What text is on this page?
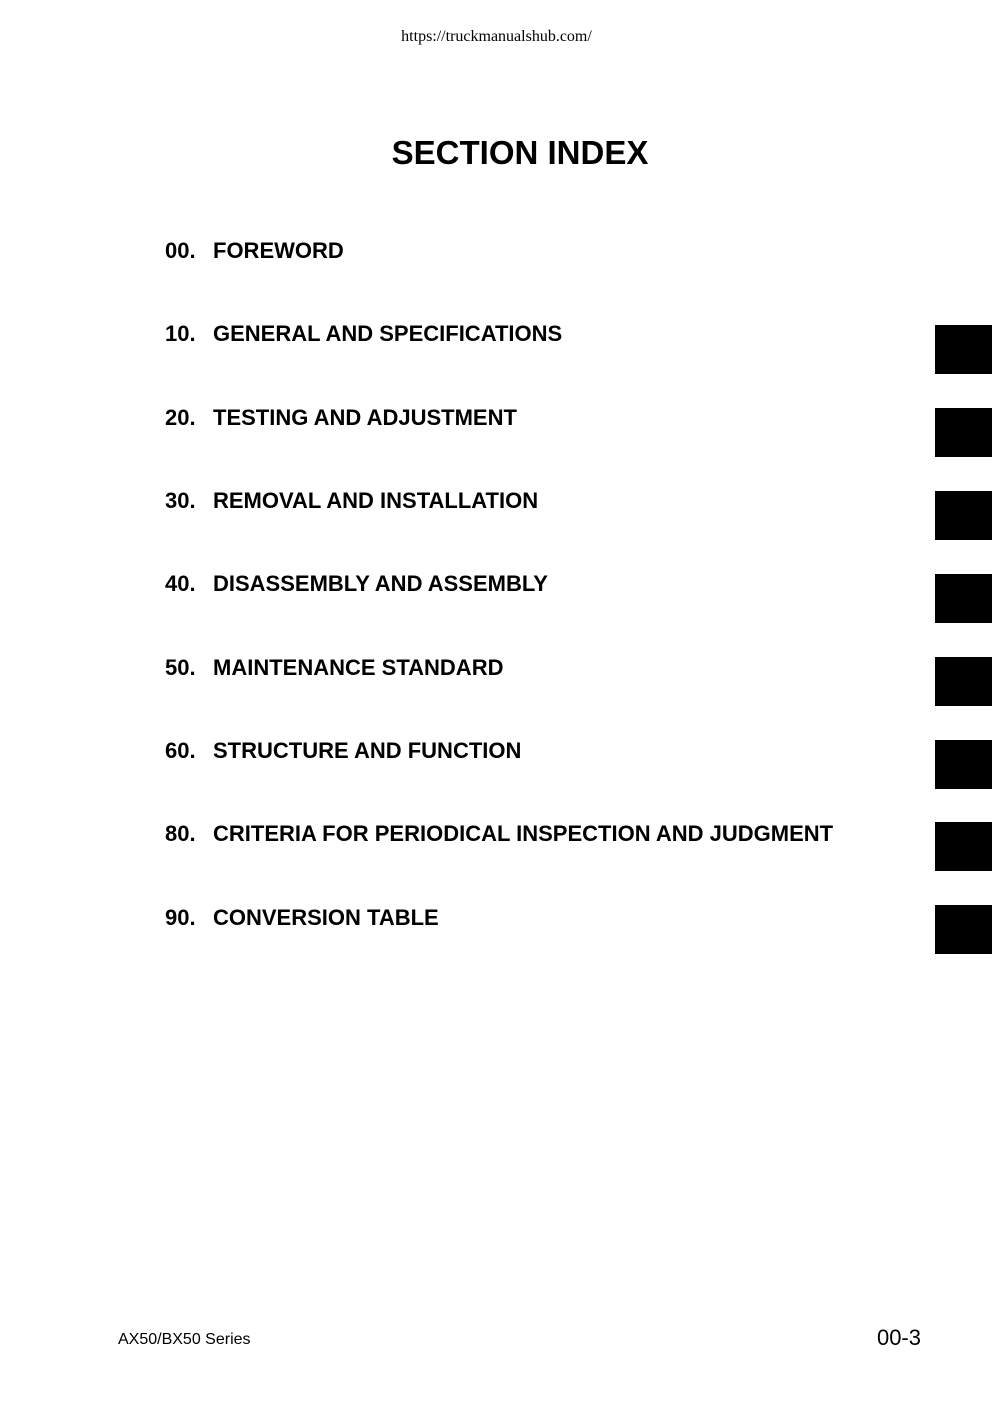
https://truckmanualshub.com/
SECTION INDEX
00. FOREWORD
10. GENERAL AND SPECIFICATIONS
20. TESTING AND ADJUSTMENT
30. REMOVAL AND INSTALLATION
40. DISASSEMBLY AND ASSEMBLY
50. MAINTENANCE STANDARD
60. STRUCTURE AND FUNCTION
80. CRITERIA FOR PERIODICAL INSPECTION AND JUDGMENT
90. CONVERSION TABLE
AX50/BX50 Series	00-3
